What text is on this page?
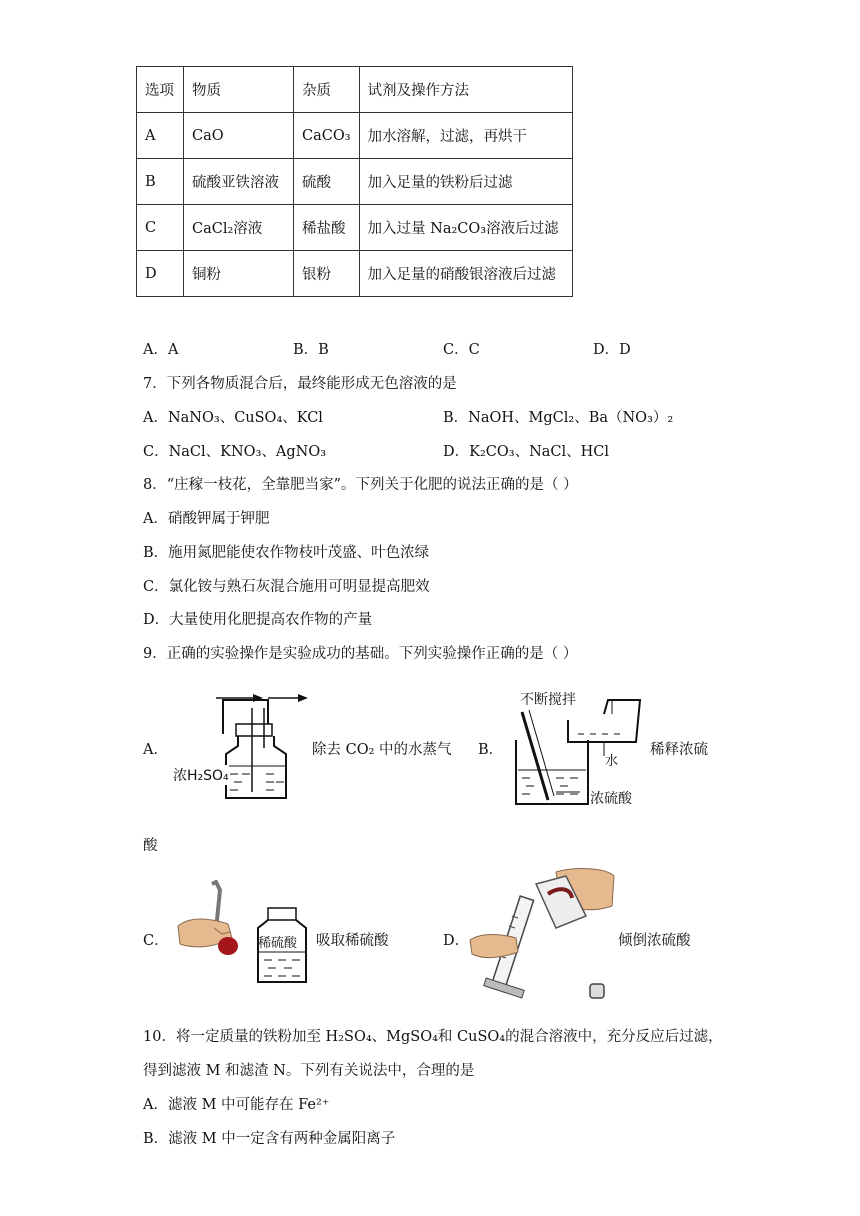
选项	物质	杂质	试剂及操作方法
A	CaO	CaCO₃	加水溶解，过滤，再烘干
B	硫酸亚铁溶液	硫酸	加入足量的铁粉后过滤
C	CaCl₂溶液	稀盐酸	加入过量 Na₂CO₃溶液后过滤
D	铜粉	银粉	加入足量的硝酸银溶液后过滤
A．A	B．B	C．C	D．D
7．下列各物质混合后，最终能形成无色溶液的是
A．NaNO₃、CuSO₄、KCl	B．NaOH、MgCl₂、Ba（NO₃）₂
C．NaCl、KNO₃、AgNO₃	D．K₂CO₃、NaCl、HCl
8．“庄稼一枝花，全靠肥当家”。下列关于化肥的说法正确的是（ ）
A．硝酸钾属于钾肥
B．施用氮肥能使农作物枝叶茂盛、叶色浓绿
C．氯化铵与熟石灰混合施用可明显提高肥效
D．大量使用化肥提高农作物的产量
9．正确的实验操作是实验成功的基础。下列实验操作正确的是（ ）
A．
浓H₂SO₄
除去 CO₂ 中的水蒸气 B．
不断搅拌
水
浓硫酸
稀释浓硫
酸
C．	稀硫酸 吸取稀硫酸	D．	倾倒浓硫酸
10．将一定质量的铁粉加至 H₂SO₄、MgSO₄和 CuSO₄的混合溶液中，充分反应后过滤，
得到滤液 M 和滤渣 N。下列有关说法中，合理的是
A．滤液 M 中可能存在 Fe²⁺
B．滤液 M 中一定含有两种金属阳离子
